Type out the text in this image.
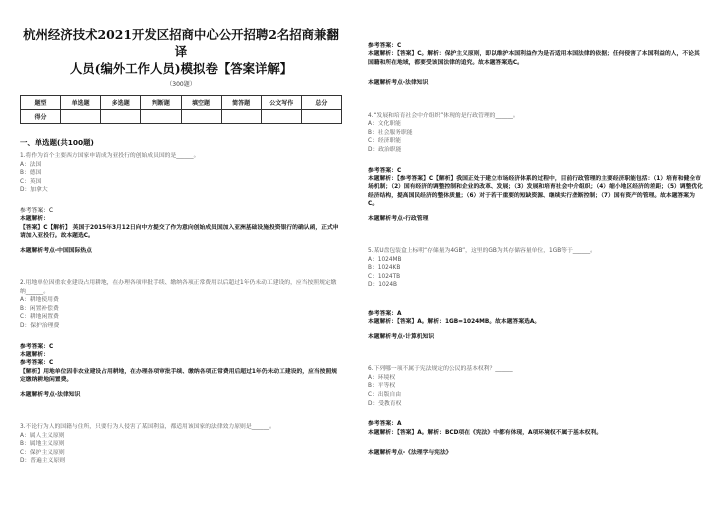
杭州经济技术2021开发区招商中心公开招聘2名招商兼翻译
人员(编外工作人员)模拟卷【答案详解】
（300题）
题型	单选题	多选题	判断题	填空题	简答题	公文写作	总分
得分							
一、单选题(共100题)
1.将作为首个主要西方国家申请成为亚投行的创始成员国的是______。
A：法国
B：德国
C：英国
D：加拿大
参考答案：C
本题解析：
【答案】C【解析】 英国于2015年3月12日向中方提交了作为意向创始成员国加入亚洲基础设施投资银行的确认函，正式申请加入亚投行。故本题选C。
本题解析考点-中国国际热点
2.用地单位因重农业建设占用耕地，在办理各项审批手续、缴纳各项正常费用以后超过1年仍未动工建设的，应当按照规定缴纳______。
A：耕地使用费
B：闲置补偿费
C：耕地闲置费
D：保护治理费
参考答案：C
本题解析：
参考答案：C
【解析】用地单位因非农业建设占用耕地，在办理各项审批手续、缴纳各项正常费用后超过1年仍未动工建设的，应当按照规定缴纳耕地闲置费。
本题解析考点-法律知识
3.不论行为人的国籍与住所，只要行为人侵害了某国利益，都适用该国家的法律效力原则是______。
A：属人主义原则
B：属地主义原则
C：保护主义原则
D：普遍主义原则
参考答案：C
本题解析：【答案】C。解析：保护主义原则，即以维护本国利益作为是否适用本国法律的依据；任何侵害了本国利益的人，不论其国籍和所在地域，都要受该国法律的追究。故本题答案选C。
本题解析考点-法律知识
4.“发展和培育社会中介组织”体现的是行政管理的______。
A：文化职能
B：社会服务职能
C：经济职能
D：政治职能
参考答案：C
本题解析：【参考答案】C【解析】我国正处于建立市场经济体系的过程中，目前行政管理的主要经济职能包括：（1）培育和健全市场机制；（2）国有经济的调整控制和企业的改革、发展；（3）发展和培育社会中介组织；（4）缩小地区经济的差距；（5）调整优化经济结构，提高国民经济的整体质量；（6）对于若干重要的短缺资源、继续实行垄断控制；（7）国有资产的管理。故本题答案为C。
本题解析考点-行政管理
5.某U盘包装盒上标明“存储量为4GB”，这里的GB为其存储容量单位，1GB等于______。
A：1024MB
B：1024KB
C：1024TB
D：1024B
参考答案：A
本题解析：【答案】A。解析：1GB=1024MB。故本题答案选A。
本题解析考点-计算机知识
6.下列哪一项不属于宪法规定的公民的基本权利？______
A：环境权
B：平等权
C：出版自由
D：受教育权
参考答案：A
本题解析：【答案】A。解析：BCD项在《宪法》中都有体现，A项环境权不属于基本权利。
本题解析考点-《法理学与宪法》
